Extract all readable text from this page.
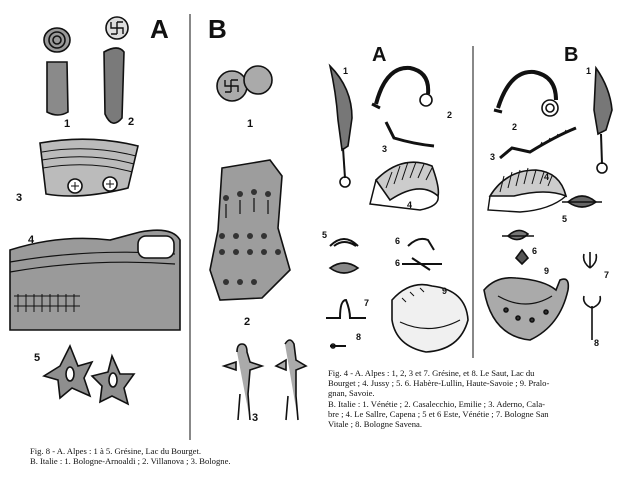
A B
1	2
3
4
5
1
2
3
Fig. 8 - A. Alpes : 1 à 5. Grésine, Lac du Bourget.
B. Italie : 1. Bologne-Arnoaldi ; 2. Villanova ; 3. Bologne.
A	B
1
2
3
4
5
6
6
7
8
9
1
2
3
4
5
6
7
8
9
Fig. 4 - A. Alpes : 1, 2, 3 et 7. Grésine, et 8. Le Saut, Lac du
Bourget ; 4. Jussy ; 5. 6. Habère-Lullin, Haute-Savoie ; 9. Pralo-
gnan, Savoie.
B. Italie : 1. Vénétie ; 2. Casalecchio, Emilie ; 3. Aderno, Cala-
bre ; 4. Le Sallre, Capena ; 5 et 6 Este, Vénétie ; 7. Bologne San
Vitale ; 8. Bologne Savena.
